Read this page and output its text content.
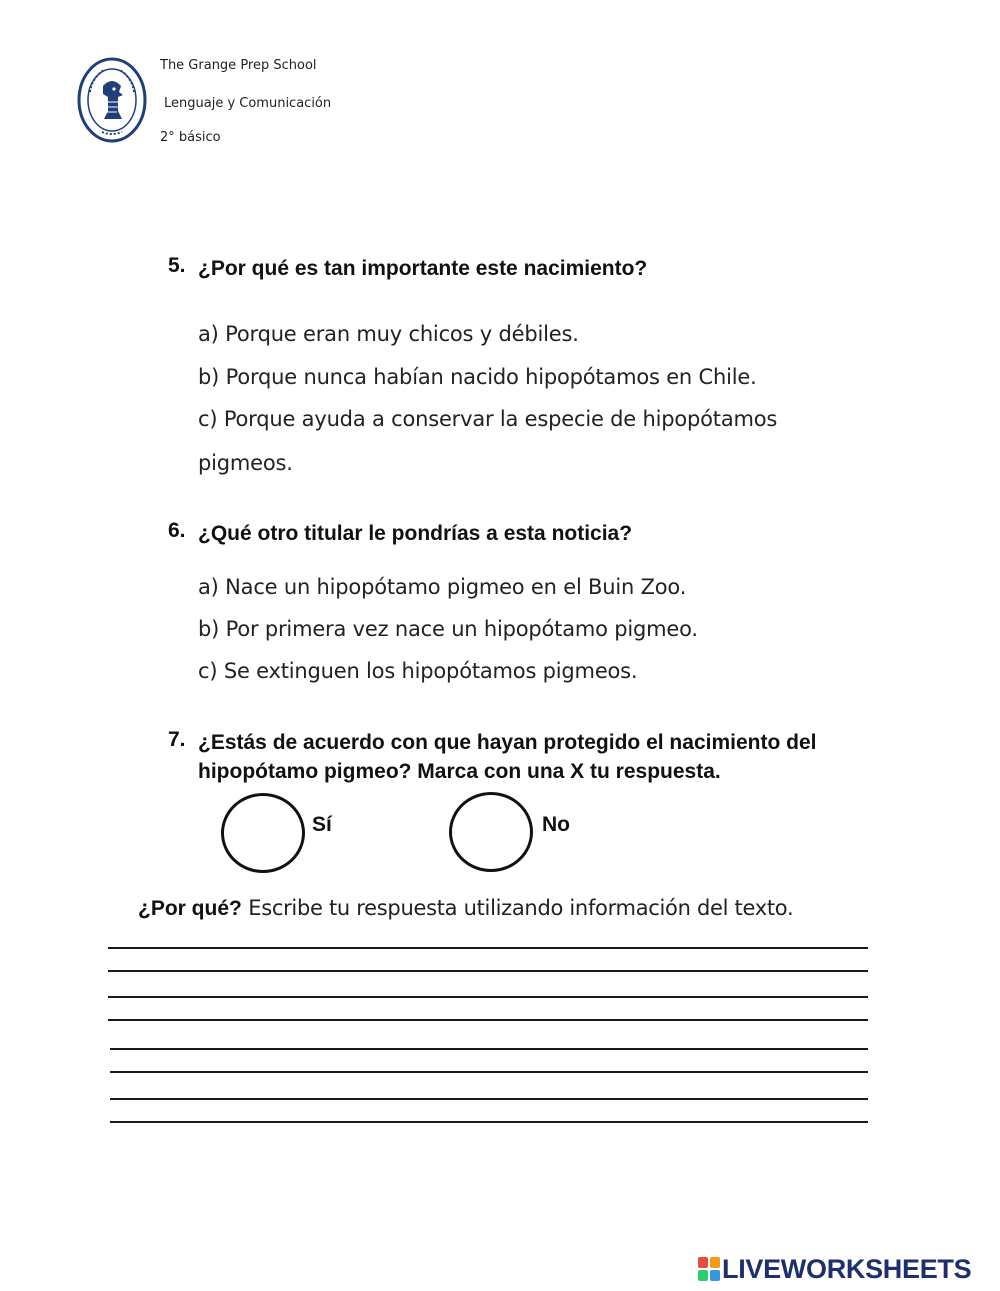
The Grange Prep School
Lenguaje y Comunicación
2° básico
5. ¿Por qué es tan importante este nacimiento?
a) Porque eran muy chicos y débiles.
b) Porque nunca habían nacido hipopótamos en Chile.
c) Porque ayuda a conservar la especie de hipopótamos
pigmeos.
6. ¿Qué otro titular le pondrías a esta noticia?
a) Nace un hipopótamo pigmeo en el Buin Zoo.
b) Por primera vez nace un hipopótamo pigmeo.
c) Se extinguen los hipopótamos pigmeos.
7. ¿Estás de acuerdo con que hayan protegido el nacimiento del hipopótamo pigmeo? Marca con una X tu respuesta.
Sí	No
¿Por qué? Escribe tu respuesta utilizando información del texto.
LIVEWORKSHEETS
